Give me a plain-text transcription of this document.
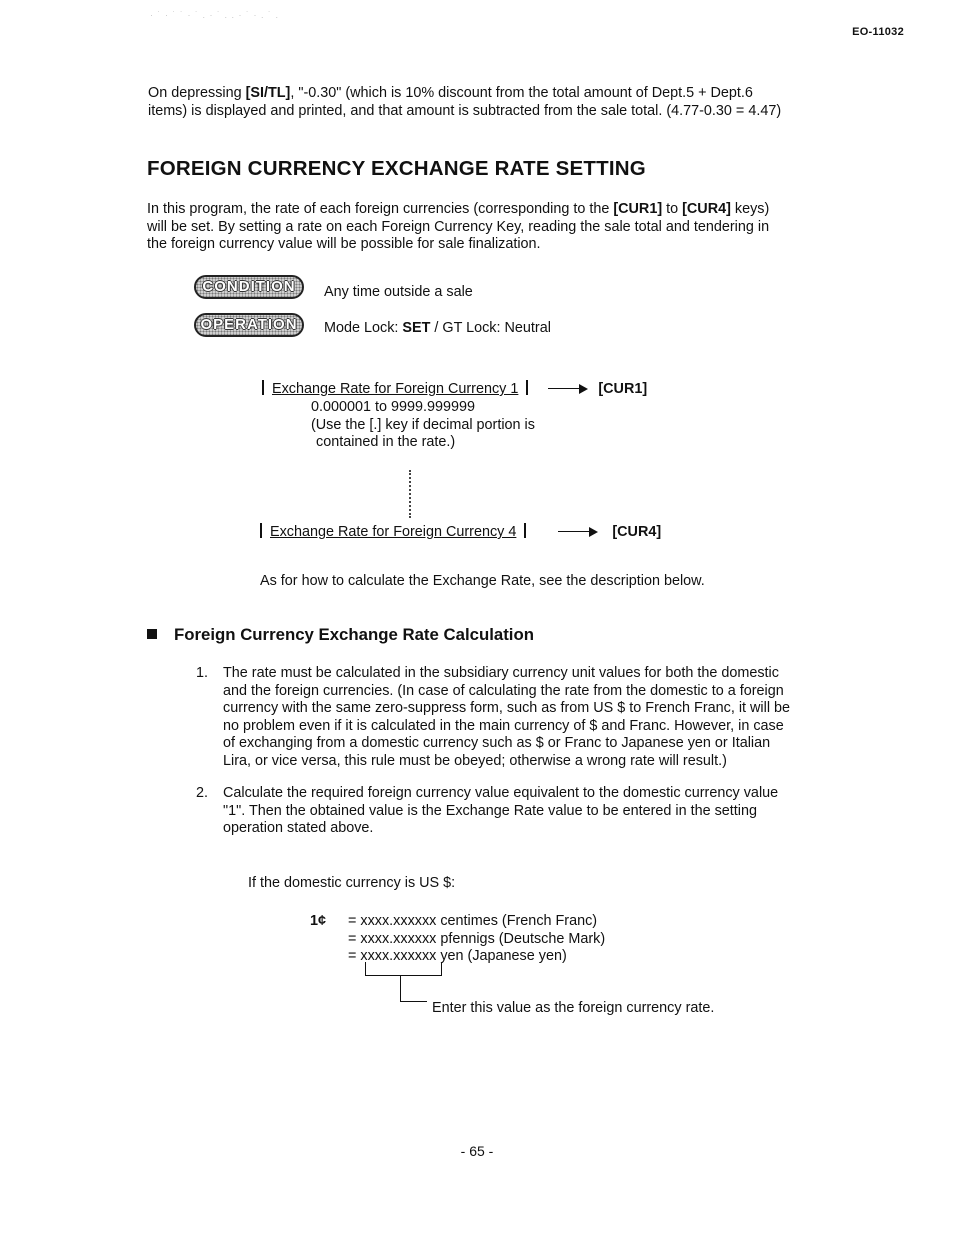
· ˙ · ˙ ˙ · ˙ . · ˙ . . · ˙ · . ˙ .
EO-11032
On depressing [SI/TL], "-0.30" (which is 10% discount from the total amount of Dept.5 + Dept.6
items) is displayed and printed, and that amount is subtracted from the sale total. (4.77-0.30 = 4.47)
FOREIGN CURRENCY EXCHANGE RATE SETTING
In this program, the rate of each foreign currencies (corresponding to the [CUR1] to [CUR4] keys)
will be set. By setting a rate on each Foreign Currency Key, reading the sale total and tendering in
the foreign currency value will be possible for sale finalization.
CONDITION	Any time outside a sale
OPERATION	Mode Lock: SET / GT Lock: Neutral
Exchange Rate for Foreign Currency 1	[CUR1]
0.000001 to 9999.999999
(Use the [.] key if decimal portion is
contained in the rate.)
Exchange Rate for Foreign Currency 4	[CUR4]
As for how to calculate the Exchange Rate, see the description below.
Foreign Currency Exchange Rate Calculation
1. The rate must be calculated in the subsidiary currency unit values for both the domestic
and the foreign currencies. (In case of calculating the rate from the domestic to a foreign
currency with the same zero-suppress form, such as from US $ to French Franc, it will be
no problem even if it is calculated in the main currency of $ and Franc. However, in case
of exchanging from a domestic currency such as $ or Franc to Japanese yen or Italian
Lira, or vice versa, this rule must be obeyed; otherwise a wrong rate will result.)
2. Calculate the required foreign currency value equivalent to the domestic currency value
"1". Then the obtained value is the Exchange Rate value to be entered in the setting
operation stated above.
If the domestic currency is US $:
1¢ = xxxx.xxxxxx centimes (French Franc)
= xxxx.xxxxxx pfennigs (Deutsche Mark)
= xxxx.xxxxxx yen (Japanese yen)
Enter this value as the foreign currency rate.
- 65 -
